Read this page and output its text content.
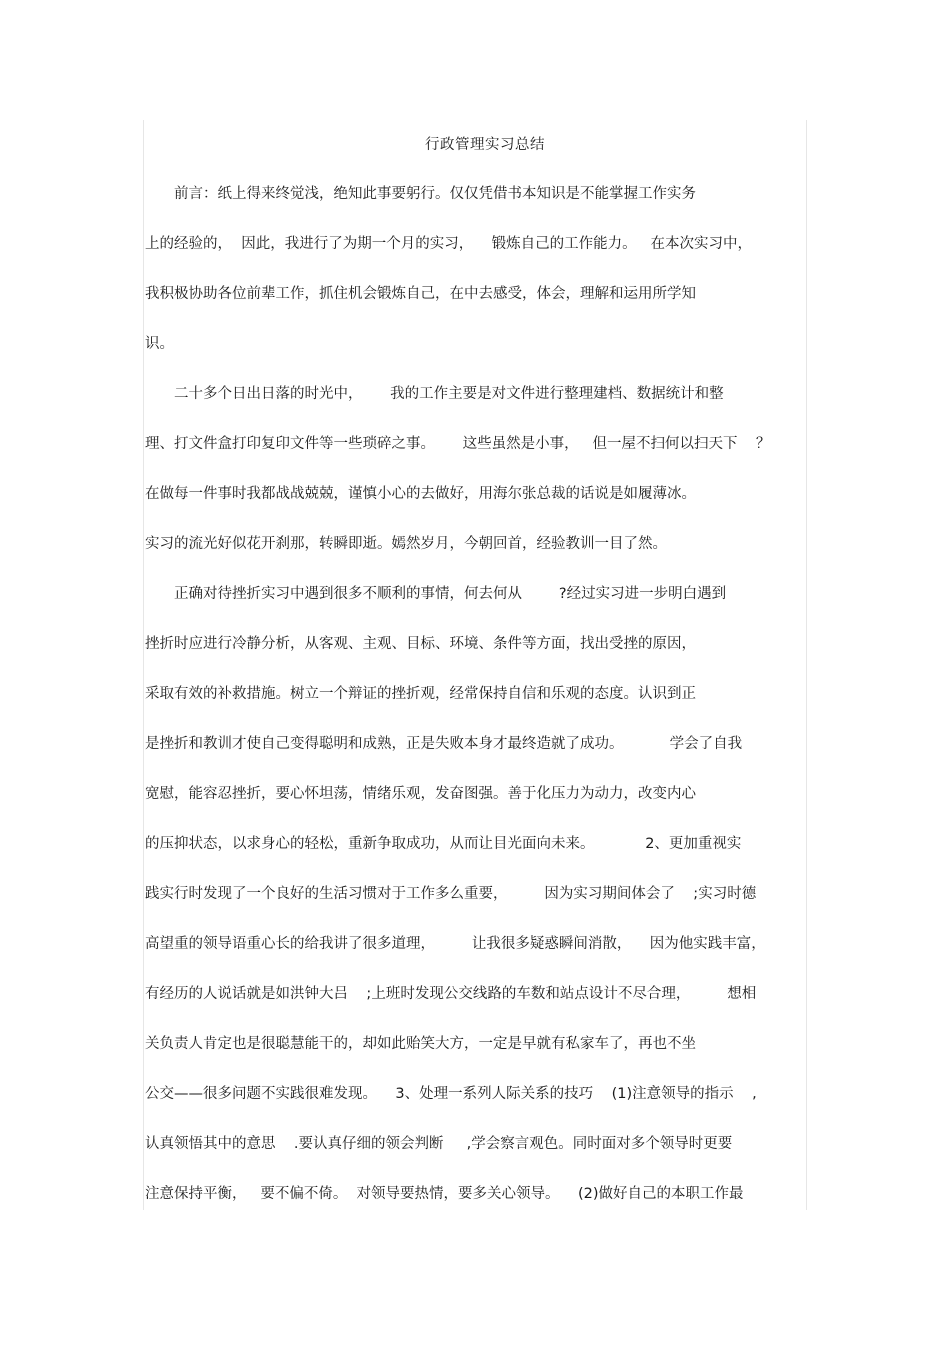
行政管理实习总结
　　前言：纸上得来终觉浅，绝知此事要躬行。仅仅凭借书本知识是不能掌握工作实务
上的经验的，  因此，我进行了为期一个月的实习，    锻炼自己的工作能力。   在本次实习中，
我积极协助各位前辈工作，抓住机会锻炼自己，在中去感受，体会，理解和运用所学知
识。
　　二十多个日出日落的时光中，      我的工作主要是对文件进行整理建档、数据统计和整
理、打文件盒打印复印文件等一些琐碎之事。      这些虽然是小事，   但一屋不扫何以扫天下    ？
在做每一件事时我都战战兢兢，谨慎小心的去做好，用海尔张总裁的话说是如履薄冰。
实习的流光好似花开刹那，转瞬即逝。嫣然岁月，今朝回首，经验教训一目了然。
　　正确对待挫折实习中遇到很多不顺利的事情，何去何从        ?经过实习进一步明白遇到
挫折时应进行冷静分析，从客观、主观、目标、环境、条件等方面，找出受挫的原因，
采取有效的补救措施。树立一个辩证的挫折观，经常保持自信和乐观的态度。认识到正
是挫折和教训才使自己变得聪明和成熟，正是失败本身才最终造就了成功。          学会了自我
宽慰，能容忍挫折，要心怀坦荡，情绪乐观，发奋图强。善于化压力为动力，改变内心
的压抑状态，以求身心的轻松，重新争取成功，从而让目光面向未来。           2、更加重视实
践实行时发现了一个良好的生活习惯对于工作多么重要，        因为实习期间体会了    ;实习时德
高望重的领导语重心长的给我讲了很多道理，        让我很多疑惑瞬间消散，    因为他实践丰富，
有经历的人说话就是如洪钟大吕    ;上班时发现公交线路的车数和站点设计不尽合理，        想相
关负责人肯定也是很聪慧能干的，却如此贻笑大方，一定是早就有私家车了，再也不坐
公交——很多问题不实践很难发现。    3、处理一系列人际关系的技巧    (1)注意领导的指示    ,
认真领悟其中的意思    .要认真仔细的领会判断     ,学会察言观色。同时面对多个领导时更要
注意保持平衡，   要不偏不倚。  对领导要热情，要多关心领导。    (2)做好自己的本职工作最
